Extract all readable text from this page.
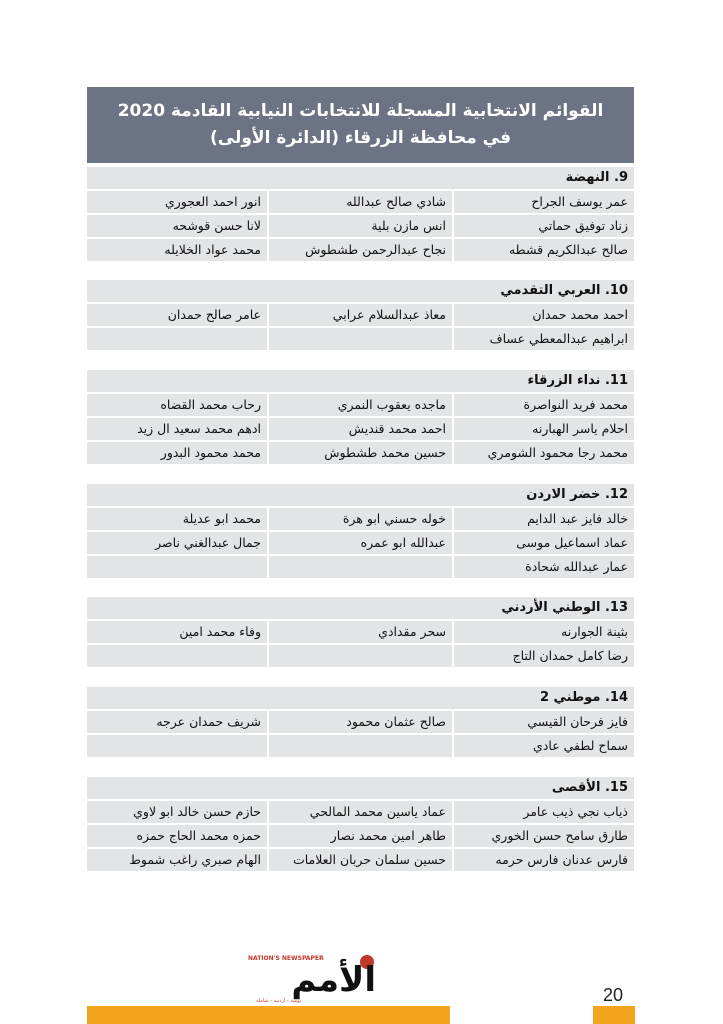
القوائم الانتخابية المسجلة للانتخابات النيابية القادمة 2020
في محافظة الزرقاء (الدائرة الأولى)
9. النهضة
عمر يوسف الجراح
شادي صالح عبدالله
انور احمد العجوري
زناد توفيق حماتي
انس مازن بلية
لانا حسن قوشحه
صالح عبدالكريم قشطه
نجاح عبدالرحمن طشطوش
محمد عواد الخلايله
10. العربي التقدمي
احمد محمد حمدان
معاذ عبدالسلام عرابي
عامر صالح حمدان
ابراهيم عبدالمعطي عساف
11. نداء الزرقاء
محمد فريد النواصرة
ماجده يعقوب النمري
رحاب محمد القضاه
احلام ياسر الهبارنه
احمد محمد قنديش
ادهم محمد سعيد ال زيد
محمد رجا محمود الشومري
حسين محمد طشطوش
محمد محمود البدور
12. خضر الاردن
خالد فايز عبد الدايم
خوله حسني ابو هرة
محمد ابو عديلة
عماد اسماعيل موسى
عبدالله ابو عمره
جمال عبدالغني ناصر
عمار عبدالله شحادة
13. الوطني الأردني
بثينة الجوارنه
سحر مقدادي
وفاء محمد امين
رضا كامل حمدان التاج
14. موطني 2
فايز فرحان القيسي
صالح عثمان محمود
شريف حمدان عرجه
سماح لطفي عادي
15. الأقصى
ذياب نجي ذيب عامر
عماد ياسين محمد المالحي
حازم حسن خالد ابو لاوي
طارق سامح حسن الخوري
طاهر امين محمد نصار
حمزه محمد الحاج حمزه
فارس عدنان فارس حرمه
حسين سلمان حربان العلامات
الهام صبري راغب شموط
NATION'S NEWSPAPER
الأمم
يومية - أردنية - شاملة	20
